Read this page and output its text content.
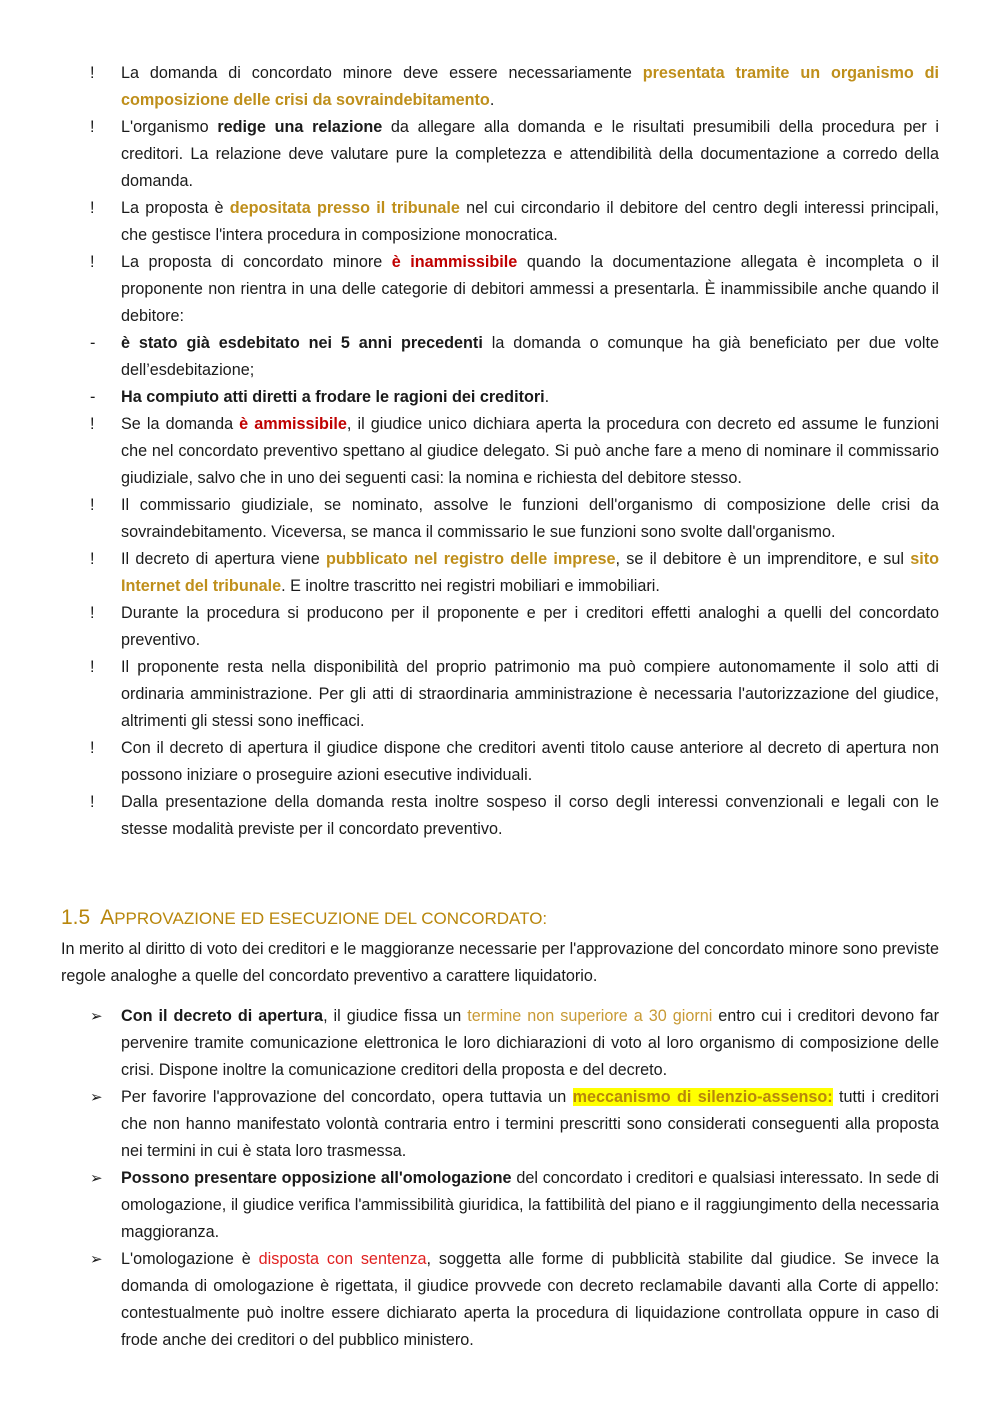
!	La domanda di concordato minore deve essere necessariamente presentata tramite un organismo di composizione delle crisi da sovraindebitamento.
!	L'organismo redige una relazione da allegare alla domanda e le risultati presumibili della procedura per i creditori. La relazione deve valutare pure la completezza e attendibilità della documentazione a corredo della domanda.
!	La proposta è depositata presso il tribunale nel cui circondario il debitore del centro degli interessi principali, che gestisce l'intera procedura in composizione monocratica.
!	La proposta di concordato minore è inammissibile quando la documentazione allegata è incompleta o il proponente non rientra in una delle categorie di debitori ammessi a presentarla. È inammissibile anche quando il debitore:
-	è stato già esdebitato nei 5 anni precedenti la domanda o comunque ha già beneficiato per due volte dell’esdebitazione;
-	Ha compiuto atti diretti a frodare le ragioni dei creditori.
!	Se la domanda è ammissibile, il giudice unico dichiara aperta la procedura con decreto ed assume le funzioni che nel concordato preventivo spettano al giudice delegato. Si può anche fare a meno di nominare il commissario giudiziale, salvo che in uno dei seguenti casi: la nomina e richiesta del debitore stesso.
!	Il commissario giudiziale, se nominato, assolve le funzioni dell'organismo di composizione delle crisi da sovraindebitamento. Viceversa, se manca il commissario le sue funzioni sono svolte dall'organismo.
!	Il decreto di apertura viene pubblicato nel registro delle imprese, se il debitore è un imprenditore, e sul sito Internet del tribunale. E inoltre trascritto nei registri mobiliari e immobiliari.
!	Durante la procedura si producono per il proponente e per i creditori effetti analoghi a quelli del concordato preventivo.
!	Il proponente resta nella disponibilità del proprio patrimonio ma può compiere autonomamente il solo atti di ordinaria amministrazione. Per gli atti di straordinaria amministrazione è necessaria l'autorizzazione del giudice, altrimenti gli stessi sono inefficaci.
!	Con il decreto di apertura il giudice dispone che creditori aventi titolo cause anteriore al decreto di apertura non possono iniziare o proseguire azioni esecutive individuali.
!	Dalla presentazione della domanda resta inoltre sospeso il corso degli interessi convenzionali e legali con le stesse modalità previste per il concordato preventivo.
1.5 APPROVAZIONE ED ESECUZIONE DEL CONCORDATO:
In merito al diritto di voto dei creditori e le maggioranze necessarie per l'approvazione del concordato minore sono previste regole analoghe a quelle del concordato preventivo a carattere liquidatorio.
➢	Con il decreto di apertura, il giudice fissa un termine non superiore a 30 giorni entro cui i creditori devono far pervenire tramite comunicazione elettronica le loro dichiarazioni di voto al loro organismo di composizione delle crisi. Dispone inoltre la comunicazione creditori della proposta e del decreto.
➢	Per favorire l'approvazione del concordato, opera tuttavia un meccanismo di silenzio-assenso: tutti i creditori che non hanno manifestato volontà contraria entro i termini prescritti sono considerati conseguenti alla proposta nei termini in cui è stata loro trasmessa.
➢	Possono presentare opposizione all'omologazione del concordato i creditori e qualsiasi interessato. In sede di omologazione, il giudice verifica l'ammissibilità giuridica, la fattibilità del piano e il raggiungimento della necessaria maggioranza.
➢	L'omologazione è disposta con sentenza, soggetta alle forme di pubblicità stabilite dal giudice. Se invece la domanda di omologazione è rigettata, il giudice provvede con decreto reclamabile davanti alla Corte di appello: contestualmente può inoltre essere dichiarato aperta la procedura di liquidazione controllata oppure in caso di frode anche dei creditori o del pubblico ministero.
